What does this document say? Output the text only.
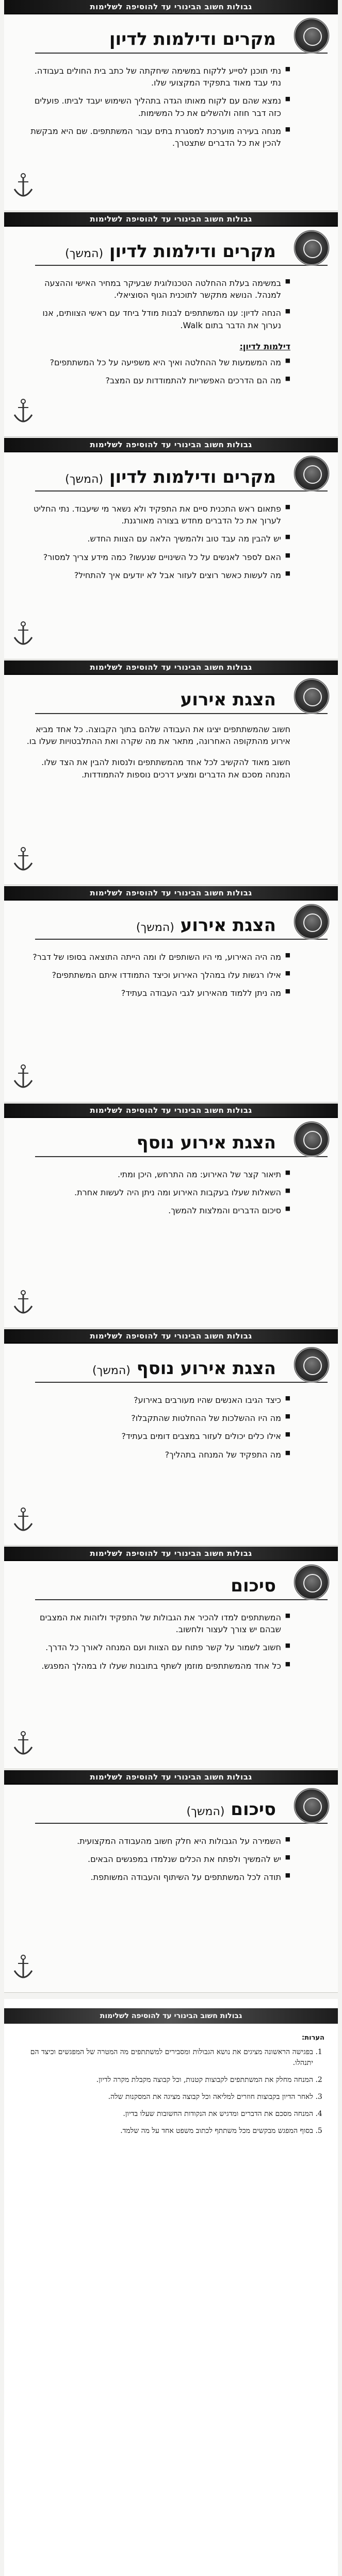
גבולות חשוב הבינורי עד להוסיפה לשלימות
מקרים ודילמות לדיון
■ נתי תוכנן לסייע ללקוח במשימה שיחקתה של כתב בית החולים בעבודה. נתי עבד מאוד בתפקיד המקצועי שלו.
■ נמצא שהם עם לקוח מאותו הגדה בתהליך השימוש יעבד לביתו. פועלים כזה דבר חוזה ולהשלים את כל המשימות.
■ מנחה בעירה מוערכת למסגרת בתים עבור המשתתפים. שם היא מבקשת להכין את כל הדברים שתצטרך.
גבולות חשוב הבינורי עד להוסיפה לשלימות
מקרים ודילמות לדיון (המשך)
■ במשימה בעלת ההחלטה הטכנולוגית שבעיקר במחיר האישי וההצעה למנהל. הנושא מתקשר לתוכנית הגוף הסוציאלי.
■ הנחה לדיון: ענו המשתתפים לבנות מודל ביחד עם ראשי הצוותים, אנו נערוך את הדבר בתום Walk.
דילמות לדיון:
■ מה המשמעות של ההחלטה ואיך היא משפיעה על כל המשתתפים?
■ מה הם הדרכים האפשריות להתמודדות עם המצב?
גבולות חשוב הבינורי עד להוסיפה לשלימות
מקרים ודילמות לדיון (המשך)
■ פתאום ראש התכנית סיים את התפקיד ולא נשאר מי שיעבוד. נתי החליט לערוך את כל הדברים מחדש בצורה מאורגנת.
■ יש להבין מה עבד טוב ולהמשיך הלאה עם הצוות החדש.
■ האם לספר לאנשים על כל השינויים שנעשו? כמה מידע צריך למסור?
■ מה לעשות כאשר רוצים לעזור אבל לא יודעים איך להתחיל?
גבולות חשוב הבינורי עד להוסיפה לשלימות
הצגת אירוע
חשוב שהמשתתפים יציגו את העבודה שלהם בתוך הקבוצה. כל אחד מביא אירוע מהתקופה האחרונה, מתאר את מה שקרה ואת ההתלבטויות שעלו בו.
חשוב מאוד להקשיב לכל אחד מהמשתתפים ולנסות להבין את הצד שלו. המנחה מסכם את הדברים ומציע דרכים נוספות להתמודדות.
גבולות חשוב הבינורי עד להוסיפה לשלימות
הצגת אירוע (המשך)
■ מה היה האירוע, מי היו השותפים לו ומה הייתה התוצאה בסופו של דבר?
■ אילו רגשות עלו במהלך האירוע וכיצד התמודדו איתם המשתתפים?
■ מה ניתן ללמוד מהאירוע לגבי העבודה בעתיד?
גבולות חשוב הבינורי עד להוסיפה לשלימות
הצגת אירוע נוסף
■ תיאור קצר של האירוע: מה התרחש, היכן ומתי.
■ השאלות שעלו בעקבות האירוע ומה ניתן היה לעשות אחרת.
■ סיכום הדברים והמלצות להמשך.
גבולות חשוב הבינורי עד להוסיפה לשלימות
הצגת אירוע נוסף (המשך)
■ כיצד הגיבו האנשים שהיו מעורבים באירוע?
■ מה היו ההשלכות של ההחלטות שהתקבלו?
■ אילו כלים יכולים לעזור במצבים דומים בעתיד?
■ מה התפקיד של המנחה בתהליך?
גבולות חשוב הבינורי עד להוסיפה לשלימות
סיכום
■ המשתתפים למדו להכיר את הגבולות של התפקיד ולזהות את המצבים שבהם יש צורך לעצור ולחשוב.
■ חשוב לשמור על קשר פתוח עם הצוות ועם המנחה לאורך כל הדרך.
■ כל אחד מהמשתתפים מוזמן לשתף בתובנות שעלו לו במהלך המפגש.
גבולות חשוב הבינורי עד להוסיפה לשלימות
סיכום (המשך)
■ השמירה על הגבולות היא חלק חשוב מהעבודה המקצועית.
■ יש להמשיך ולפתח את הכלים שנלמדו במפגשים הבאים.
■ תודה לכל המשתתפים על השיתוף והעבודה המשותפת.
גבולות חשוב הבינורי עד להוסיפה לשלימות
הערות:
1. בפגישה הראשונה מציגים את נושא הגבולות ומסבירים למשתתפים מה המטרה של המפגשים וכיצד הם יתנהלו.
2. המנחה מחלק את המשתתפים לקבוצות קטנות, וכל קבוצה מקבלת מקרה לדיון.
3. לאחר הדיון בקבוצות חוזרים למליאה וכל קבוצה מציגה את המסקנות שלה.
4. המנחה מסכם את הדברים ומדגיש את הנקודות החשובות שעלו בדיון.
5. בסוף המפגש מבקשים מכל משתתף לכתוב משפט אחד על מה שלמד.
